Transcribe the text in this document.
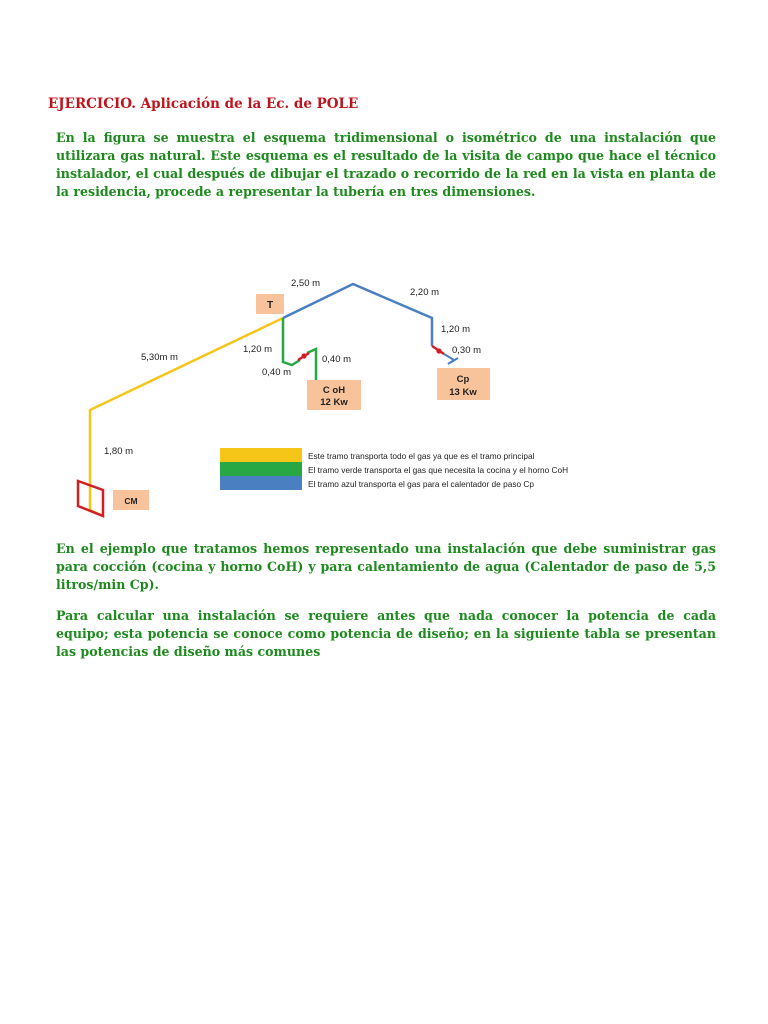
EJERCICIO. Aplicación de la Ec. de POLE

En la figura se muestra el esquema tridimensional o isométrico de una instalación que utilizara gas natural. Este esquema es el resultado de la visita de campo que hace el técnico instalador, el cual después de dibujar el trazado o recorrido de la red en la vista en planta de la residencia, procede a representar la tubería en tres dimensiones.

T
C oH
12 Kw
Cp
13 Kw
CM
2,50 m
2,20 m
1,20 m
0,30 m
5,30m m
1,20 m
0,40 m
0,40 m
1,80 m	Este tramo transporta todo el gas ya que es el tramo principal
El tramo verde transporta el gas que necesita la cocina y el horno CoH
El tramo azul transporta el gas para el calentador de paso Cp

En el ejemplo que tratamos hemos representado una instalación que debe suministrar gas para cocción (cocina y horno CoH) y para calentamiento de agua (Calentador de paso de 5,5 litros/min Cp).

Para calcular una instalación se requiere antes que nada conocer la potencia de cada equipo; esta potencia se conoce como potencia de diseño; en la siguiente tabla se presentan las potencias de diseño más comunes
